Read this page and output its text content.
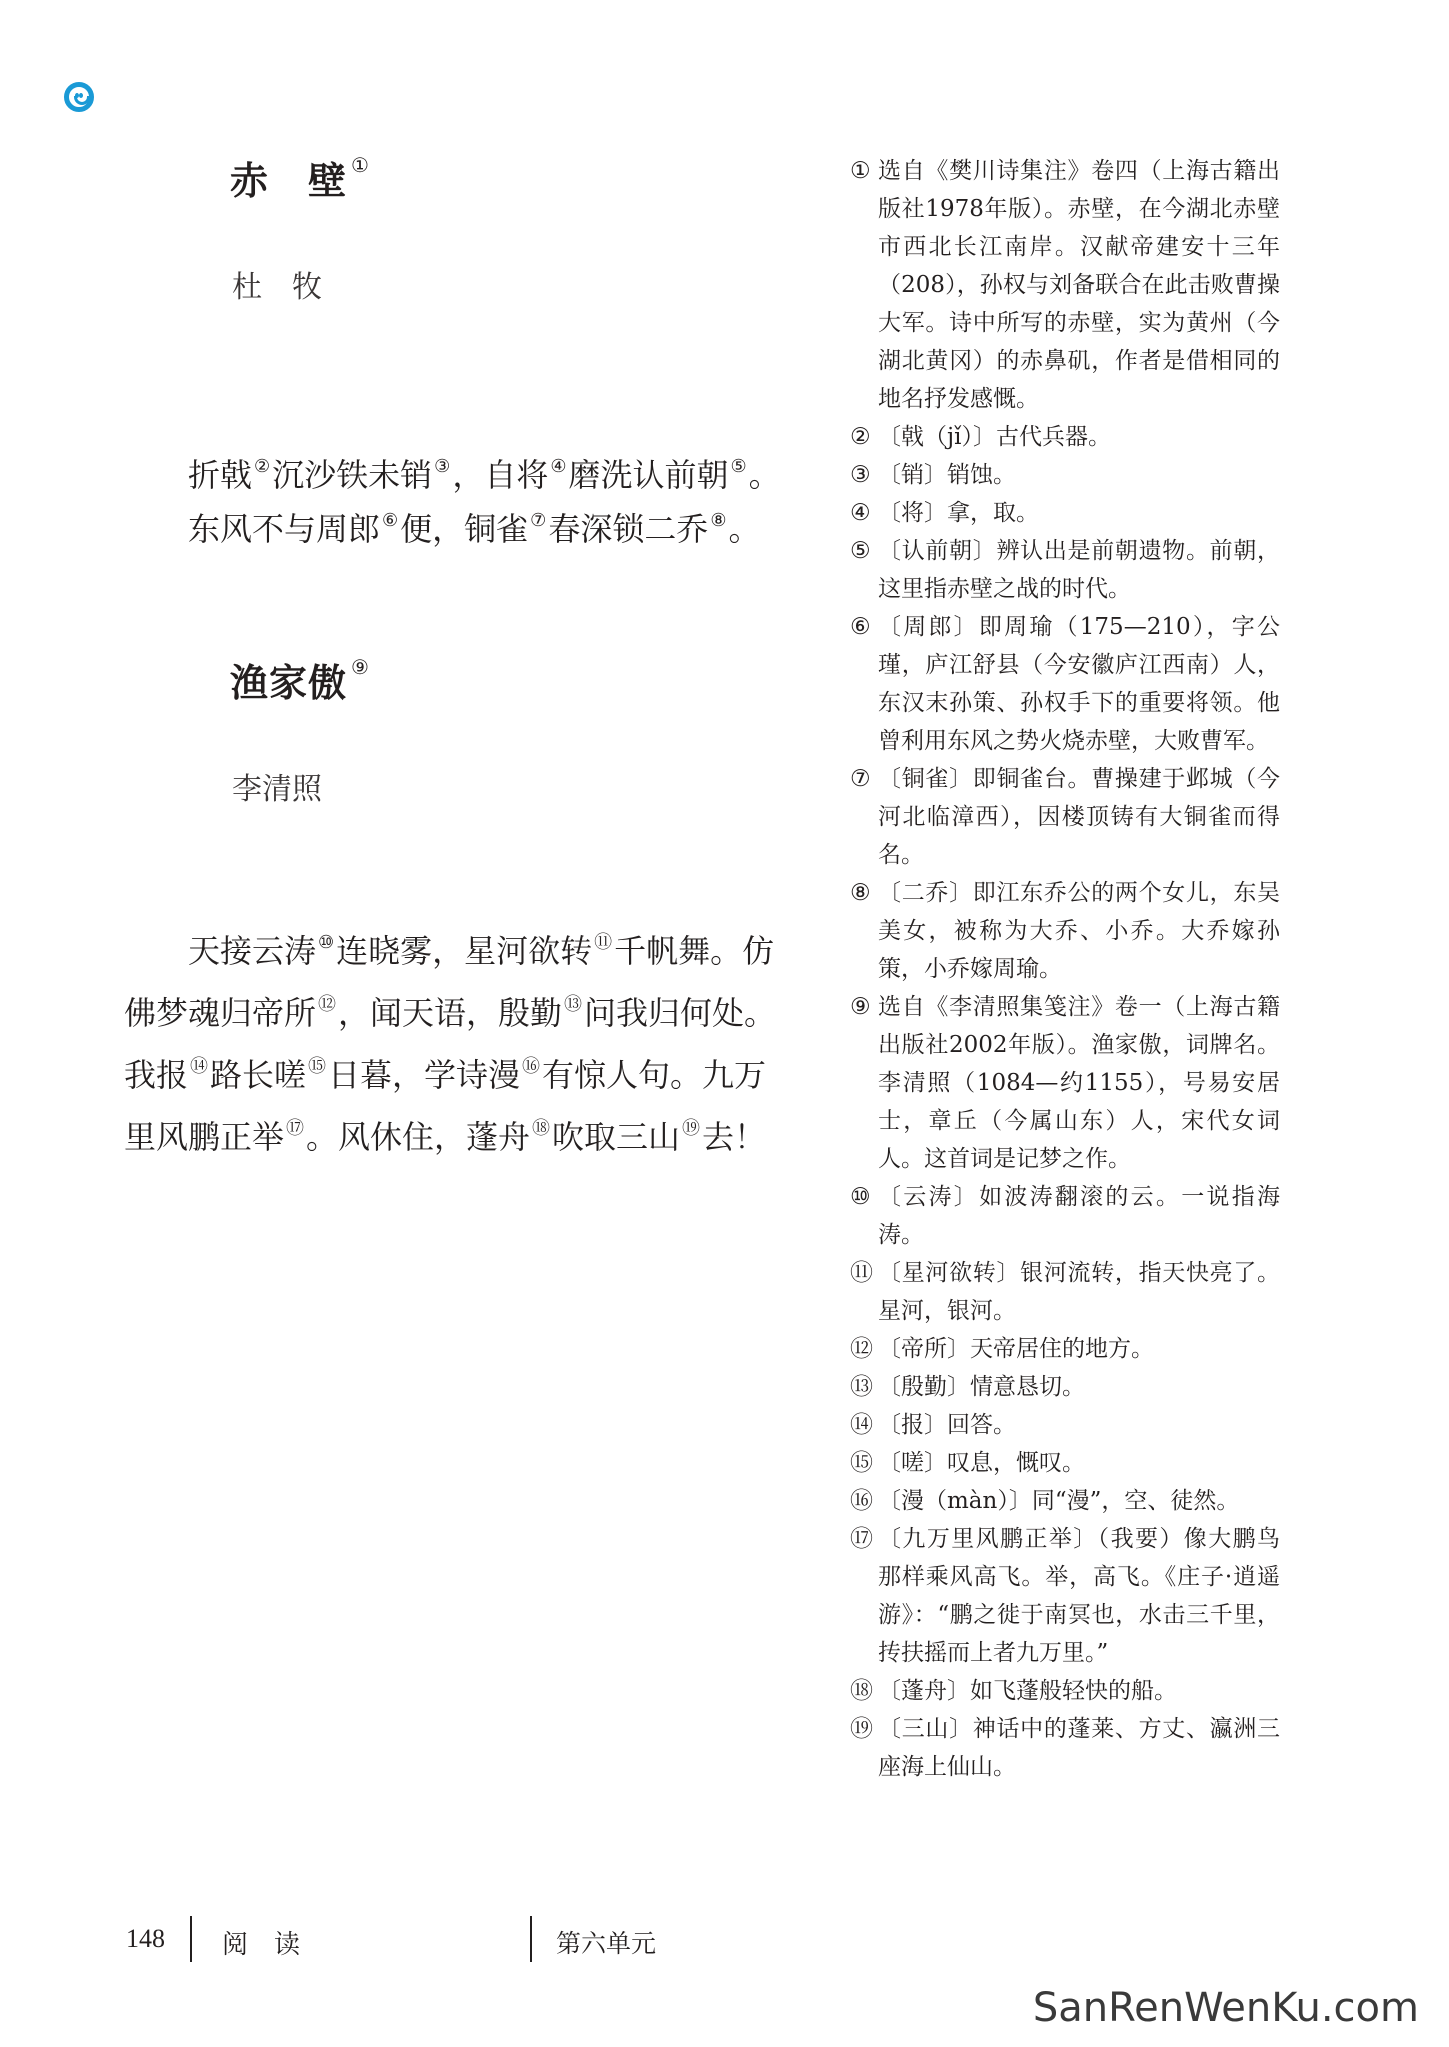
赤　壁 ①
杜　牧
折戟 ②沉沙铁未销 ③，自将 ④磨洗认前朝 ⑤。
东风不与周郎 ⑥便，铜雀 ⑦春深锁二乔 ⑧。
渔家傲 ⑨
李清照
天接云涛 ⑩连晓雾，星河欲转 ⑪千帆舞。仿佛梦魂归帝所 ⑫，闻天语，殷勤 ⑬问我归何处。　　我报 ⑭路长嗟 ⑮日暮，学诗漫 ⑯有惊人句。九万里风鹏正举 ⑰。风休住，蓬舟 ⑱吹取三山 ⑲去！
① 选自《樊川诗集注》卷四（上海古籍出版社1978年版）。赤壁，在今湖北赤壁市西北长江南岸。汉献帝建安十三年（208），孙权与刘备联合在此击败曹操大军。诗中所写的赤壁，实为黄州（今湖北黄冈）的赤鼻矶，作者是借相同的地名抒发感慨。
② 〔戟（jǐ）〕古代兵器。
③ 〔销〕销蚀。
④ 〔将〕拿，取。
⑤ 〔认前朝〕辨认出是前朝遗物。前朝，这里指赤壁之战的时代。
⑥ 〔周郎〕即周瑜（175—210），字公瑾，庐江舒县（今安徽庐江西南）人，东汉末孙策、孙权手下的重要将领。他曾利用东风之势火烧赤壁，大败曹军。
⑦ 〔铜雀〕即铜雀台。曹操建于邺城（今河北临漳西），因楼顶铸有大铜雀而得名。
⑧ 〔二乔〕即江东乔公的两个女儿，东吴美女，被称为大乔、小乔。大乔嫁孙策，小乔嫁周瑜。
⑨ 选自《李清照集笺注》卷一（上海古籍出版社2002年版）。渔家傲，词牌名。李清照（1084—约1155），号易安居士，章丘（今属山东）人，宋代女词人。这首词是记梦之作。
⑩ 〔云涛〕如波涛翻滚的云。一说指海涛。
⑪ 〔星河欲转〕银河流转，指天快亮了。星河，银河。
⑫ 〔帝所〕天帝居住的地方。
⑬ 〔殷勤〕情意恳切。
⑭ 〔报〕回答。
⑮ 〔嗟〕叹息，慨叹。
⑯ 〔漫（màn）〕同“漫”，空、徒然。
⑰ 〔九万里风鹏正举〕（我要）像大鹏鸟那样乘风高飞。举，高飞。《庄子·逍遥游》：“鹏之徙于南冥也，水击三千里，抟扶摇而上者九万里。”
⑱ 〔蓬舟〕如飞蓬般轻快的船。
⑲ 〔三山〕神话中的蓬莱、方丈、瀛洲三座海上仙山。
148 阅　读	第六单元
SanRenWenKu.com
